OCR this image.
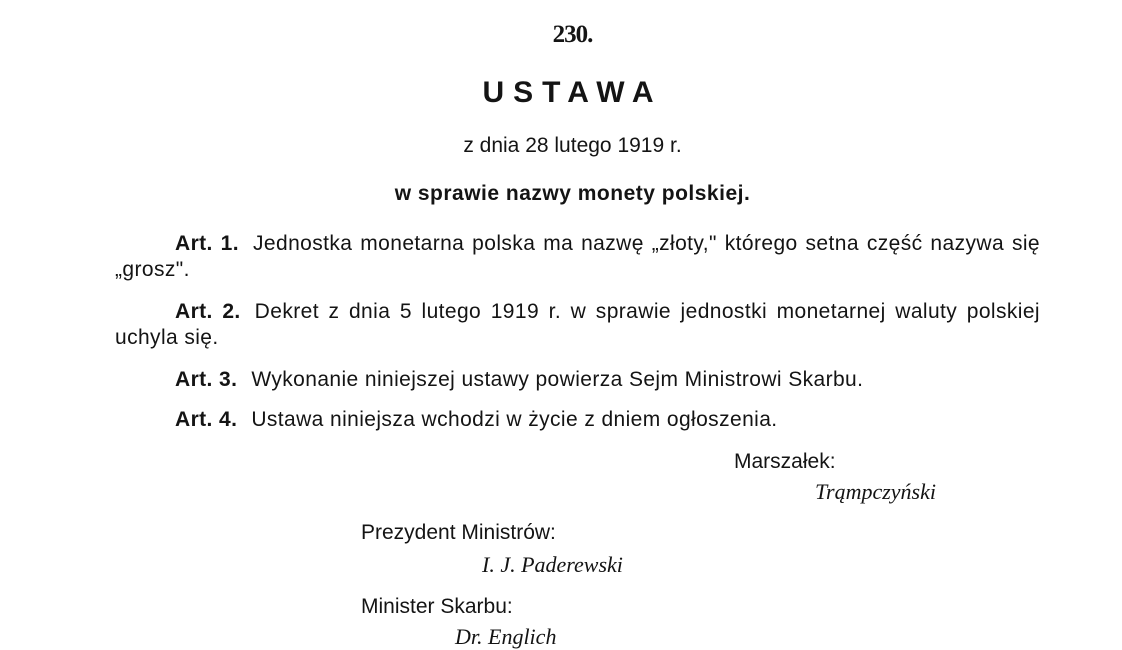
230.
USTAWA
z dnia 28 lutego 1919 r.
w sprawie nazwy monety polskiej.
Art. 1. Jednostka monetarna polska ma nazwę „złoty," którego setna część nazywa się „grosz".
Art. 2. Dekret z dnia 5 lutego 1919 r. w sprawie jednostki monetarnej waluty polskiej uchyla się.
Art. 3. Wykonanie niniejszej ustawy powierza Sejm Ministrowi Skarbu.
Art. 4. Ustawa niniejsza wchodzi w życie z dniem ogłoszenia.
Marszałek:
Trąmpczyński
Prezydent Ministrów:
I. J. Paderewski
Minister Skarbu:
Dr. Englich
